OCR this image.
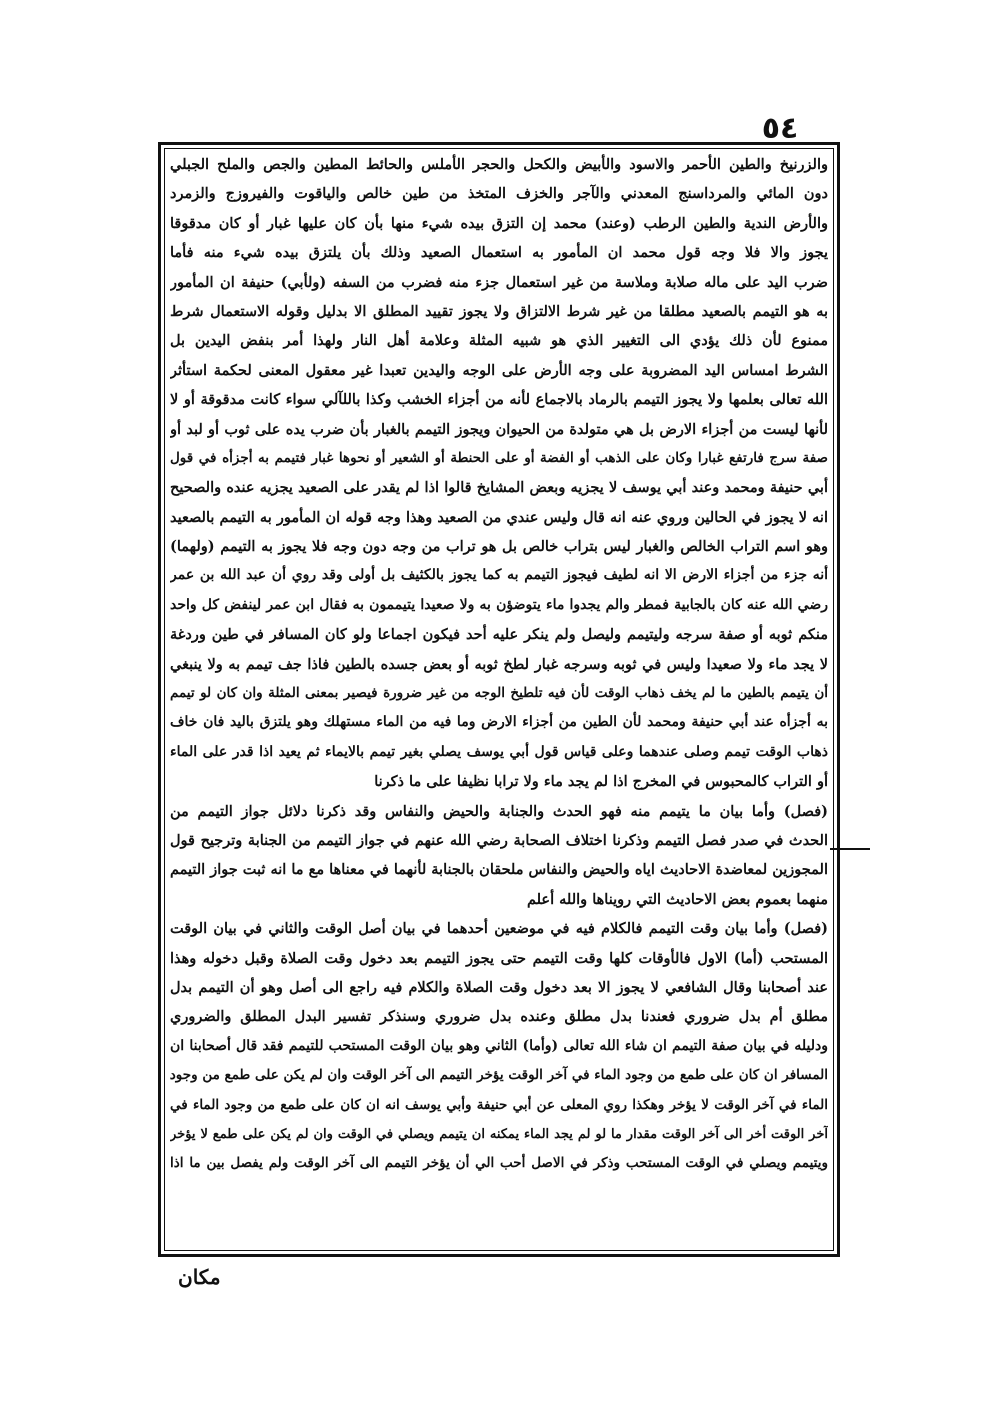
٥٤
والزرنيخ والطين الأحمر والاسود والأبيض والكحل والحجر الأملس والحائط المطين والجص والملح الجبلي
دون المائي والمرداسنج المعدني والآجر والخزف المتخذ من طين خالص والياقوت والفيروزج والزمرد
والأرض الندية والطين الرطب (وعند) محمد إن التزق بيده شيء منها بأن كان عليها غبار أو كان مدقوقا
يجوز والا فلا وجه قول محمد ان المأمور به استعمال الصعيد وذلك بأن يلتزق بيده شيء منه فأما
ضرب اليد على ماله صلابة وملاسة من غير استعمال جزء منه فضرب من السفه (ولأبي) حنيفة ان المأمور
به هو التيمم بالصعيد مطلقا من غير شرط الالتزاق ولا يجوز تقييد المطلق الا بدليل وقوله الاستعمال شرط
ممنوع لأن ذلك يؤدي الى التغيير الذي هو شبيه المثلة وعلامة أهل النار ولهذا أمر بنفض اليدين بل
الشرط امساس اليد المضروبة على وجه الأرض على الوجه واليدين تعبدا غير معقول المعنى لحكمة استأثر
الله تعالى بعلمها ولا يجوز التيمم بالرماد بالاجماع لأنه من أجزاء الخشب وكذا باللآلي سواء كانت مدقوقة أو لا
لأنها ليست من أجزاء الارض بل هي متولدة من الحيوان ويجوز التيمم بالغبار بأن ضرب يده على ثوب أو لبد أو
صفة سرج فارتفع غبارا وكان على الذهب أو الفضة أو على الحنطة أو الشعير أو نحوها غبار فتيمم به أجزأه في قول
أبي حنيفة ومحمد وعند أبي يوسف لا يجزيه وبعض المشايخ قالوا اذا لم يقدر على الصعيد يجزيه عنده والصحيح
انه لا يجوز في الحالين وروي عنه انه قال وليس عندي من الصعيد وهذا وجه قوله ان المأمور به التيمم بالصعيد
وهو اسم التراب الخالص والغبار ليس بتراب خالص بل هو تراب من وجه دون وجه فلا يجوز به التيمم (ولهما)
أنه جزء من أجزاء الارض الا انه لطيف فيجوز التيمم به كما يجوز بالكثيف بل أولى وقد روي أن عبد الله بن عمر
رضي الله عنه كان بالجابية فمطر والم يجدوا ماء يتوضؤن به ولا صعيدا يتيممون به فقال ابن عمر لينفض كل واحد
منكم ثوبه أو صفة سرجه وليتيمم وليصل ولم ينكر عليه أحد فيكون اجماعا ولو كان المسافر في طين وردغة
لا يجد ماء ولا صعيدا وليس في ثوبه وسرجه غبار لطخ ثوبه أو بعض جسده بالطين فاذا جف تيمم به ولا ينبغي
أن يتيمم بالطين ما لم يخف ذهاب الوقت لأن فيه تلطيخ الوجه من غير ضرورة فيصير بمعنى المثلة وان كان لو تيمم
به أجزأه عند أبي حنيفة ومحمد لأن الطين من أجزاء الارض وما فيه من الماء مستهلك وهو يلتزق باليد فان خاف
ذهاب الوقت تيمم وصلى عندهما وعلى قياس قول أبي يوسف يصلي بغير تيمم بالايماء ثم يعيد اذا قدر على الماء
أو التراب كالمحبوس في المخرج اذا لم يجد ماء ولا ترابا نظيفا على ما ذكرنا
(فصل) وأما بيان ما يتيمم منه فهو الحدث والجنابة والحيض والنفاس وقد ذكرنا دلائل جواز التيمم من
الحدث في صدر فصل التيمم وذكرنا اختلاف الصحابة رضي الله عنهم في جواز التيمم من الجنابة وترجيح قول
المجوزين لمعاضدة الاحاديث اياه والحيض والنفاس ملحقان بالجنابة لأنهما في معناها مع ما انه ثبت جواز التيمم
منهما بعموم بعض الاحاديث التي رويناها والله أعلم
(فصل) وأما بيان وقت التيمم فالكلام فيه في موضعين أحدهما في بيان أصل الوقت والثاني في بيان الوقت
المستحب (أما) الاول فالأوقات كلها وقت التيمم حتى يجوز التيمم بعد دخول وقت الصلاة وقبل دخوله وهذا
عند أصحابنا وقال الشافعي لا يجوز الا بعد دخول وقت الصلاة والكلام فيه راجع الى أصل وهو أن التيمم بدل
مطلق أم بدل ضروري فعندنا بدل مطلق وعنده بدل ضروري وسنذكر تفسير البدل المطلق والضروري
ودليله في بيان صفة التيمم ان شاء الله تعالى (وأما) الثاني وهو بيان الوقت المستحب للتيمم فقد قال أصحابنا ان
المسافر ان كان على طمع من وجود الماء في آخر الوقت يؤخر التيمم الى آخر الوقت وان لم يكن على طمع من وجود
الماء في آخر الوقت لا يؤخر وهكذا روي المعلى عن أبي حنيفة وأبي يوسف انه ان كان على طمع من وجود الماء في
آخر الوقت أخر الى آخر الوقت مقدار ما لو لم يجد الماء يمكنه ان يتيمم ويصلي في الوقت وان لم يكن على طمع لا يؤخر
ويتيمم ويصلي في الوقت المستحب وذكر في الاصل أحب الي أن يؤخر التيمم الى آخر الوقت ولم يفصل بين ما اذا
مكان
